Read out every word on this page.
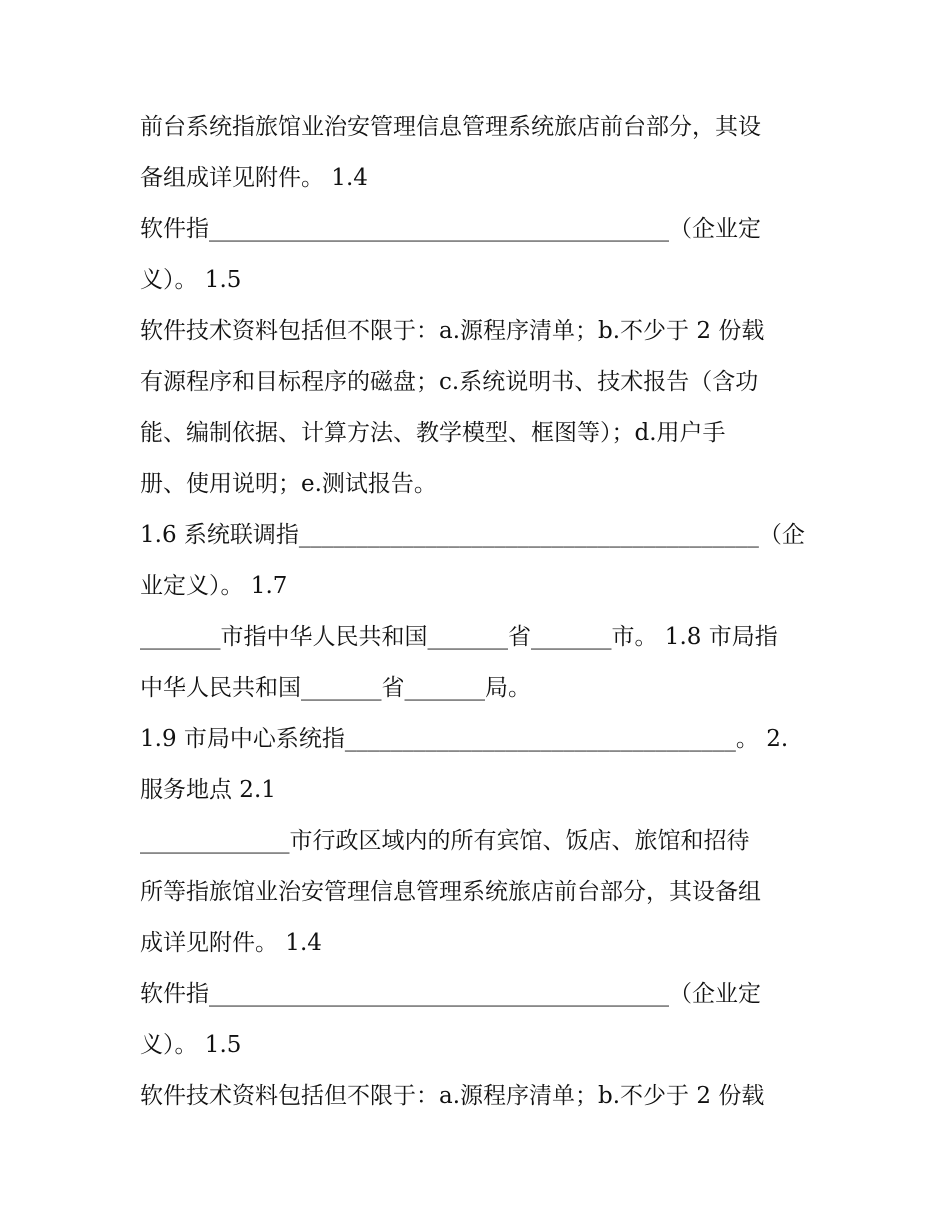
前台系统指旅馆业治安管理信息管理系统旅店前台部分，其设
备组成详见附件。 1.4
软件指________________________________________（企业定
义）。 1.5
软件技术资料包括但不限于：a.源程序清单；b.不少于 2 份载
有源程序和目标程序的磁盘；c.系统说明书、技术报告（含功
能、编制依据、计算方法、教学模型、框图等）；d.用户手
册、使用说明；e.测试报告。
1.6 系统联调指________________________________________（企
业定义）。 1.7
_______市指中华人民共和国_______省_______市。 1.8 市局指
中华人民共和国_______省_______局。
1.9 市局中心系统指__________________________________。 2.
服务地点 2.1
_____________市行政区域内的所有宾馆、饭店、旅馆和招待
所等指旅馆业治安管理信息管理系统旅店前台部分，其设备组
成详见附件。 1.4
软件指________________________________________（企业定
义）。 1.5
软件技术资料包括但不限于：a.源程序清单；b.不少于 2 份载
